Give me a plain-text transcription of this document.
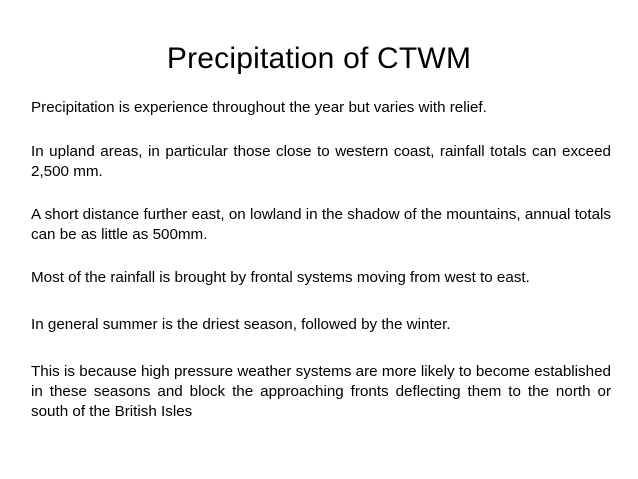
Precipitation of CTWM

Precipitation is experience throughout the year but varies with relief.

In upland areas, in particular those close to western coast, rainfall totals can exceed 2,500 mm.

A short distance further east, on lowland in the shadow of the mountains, annual totals can be as little as 500mm.

Most of the rainfall is brought by frontal systems moving from west to east.

In general summer is the driest season, followed by the winter.

This is because high pressure weather systems are more likely to become established in these seasons and block the approaching fronts deflecting them to the north or south of the British Isles
